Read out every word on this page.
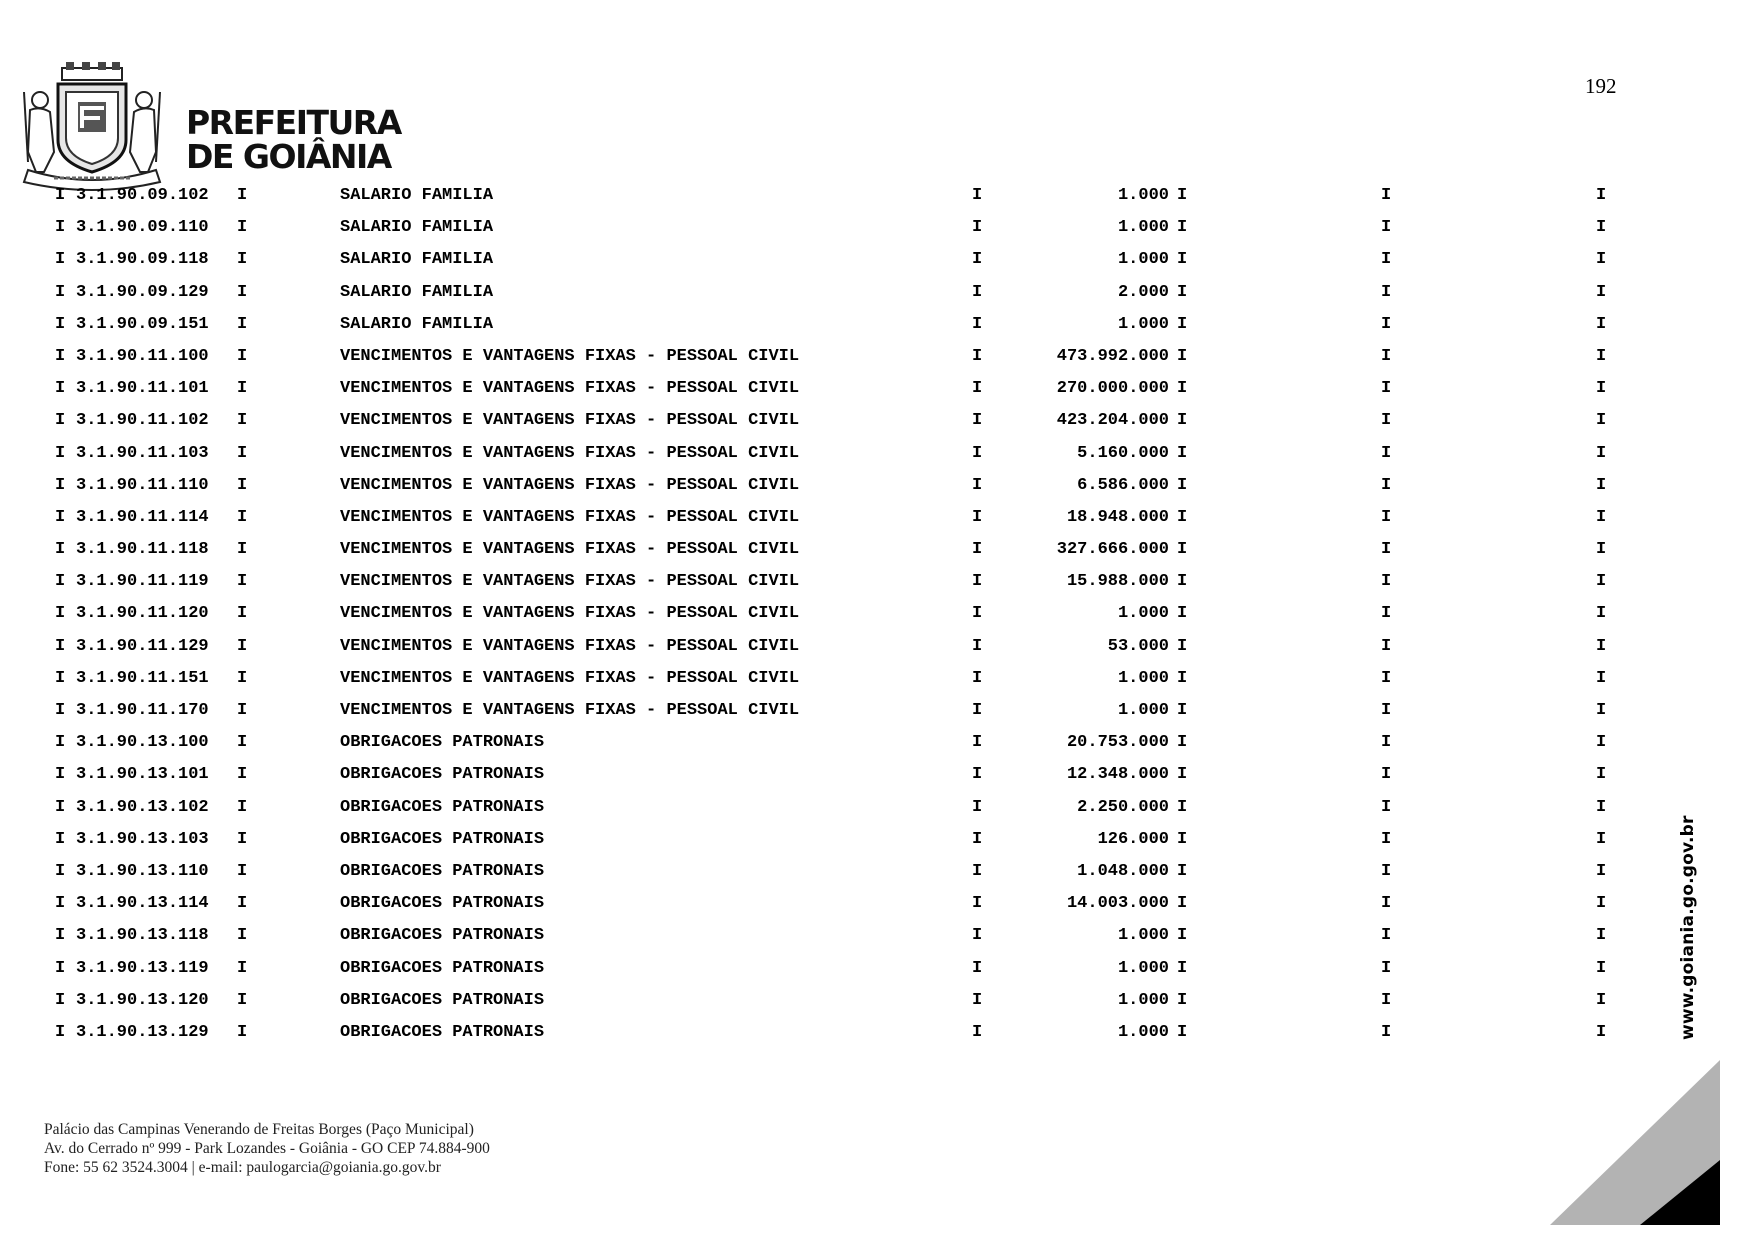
192
PREFEITURA
DE GOIÂNIA
I 3.1.90.09.102 I	SALARIO FAMILIA	I	1.000 I	I	I
I 3.1.90.09.110 I	SALARIO FAMILIA	I	1.000 I	I	I
I 3.1.90.09.118 I	SALARIO FAMILIA	I	1.000 I	I	I
I 3.1.90.09.129 I	SALARIO FAMILIA	I	2.000 I	I	I
I 3.1.90.09.151 I	SALARIO FAMILIA	I	1.000 I	I	I
I 3.1.90.11.100 I	VENCIMENTOS E VANTAGENS FIXAS - PESSOAL CIVIL	I	473.992.000 I	I	I
I 3.1.90.11.101 I	VENCIMENTOS E VANTAGENS FIXAS - PESSOAL CIVIL	I	270.000.000 I	I	I
I 3.1.90.11.102 I	VENCIMENTOS E VANTAGENS FIXAS - PESSOAL CIVIL	I	423.204.000 I	I	I
I 3.1.90.11.103 I	VENCIMENTOS E VANTAGENS FIXAS - PESSOAL CIVIL	I	5.160.000 I	I	I
I 3.1.90.11.110 I	VENCIMENTOS E VANTAGENS FIXAS - PESSOAL CIVIL	I	6.586.000 I	I	I
I 3.1.90.11.114 I	VENCIMENTOS E VANTAGENS FIXAS - PESSOAL CIVIL	I	18.948.000 I	I	I
I 3.1.90.11.118 I	VENCIMENTOS E VANTAGENS FIXAS - PESSOAL CIVIL	I	327.666.000 I	I	I
I 3.1.90.11.119 I	VENCIMENTOS E VANTAGENS FIXAS - PESSOAL CIVIL	I	15.988.000 I	I	I
I 3.1.90.11.120 I	VENCIMENTOS E VANTAGENS FIXAS - PESSOAL CIVIL	I	1.000 I	I	I
I 3.1.90.11.129 I	VENCIMENTOS E VANTAGENS FIXAS - PESSOAL CIVIL	I	53.000 I	I	I
I 3.1.90.11.151 I	VENCIMENTOS E VANTAGENS FIXAS - PESSOAL CIVIL	I	1.000 I	I	I
I 3.1.90.11.170 I	VENCIMENTOS E VANTAGENS FIXAS - PESSOAL CIVIL	I	1.000 I	I	I
I 3.1.90.13.100 I	OBRIGACOES PATRONAIS	I	20.753.000 I	I	I
I 3.1.90.13.101 I	OBRIGACOES PATRONAIS	I	12.348.000 I	I	I
I 3.1.90.13.102 I	OBRIGACOES PATRONAIS	I	2.250.000 I	I	I
I 3.1.90.13.103 I	OBRIGACOES PATRONAIS	I	126.000 I	I	I
I 3.1.90.13.110 I	OBRIGACOES PATRONAIS	I	1.048.000 I	I	I
I 3.1.90.13.114 I	OBRIGACOES PATRONAIS	I	14.003.000 I	I	I
I 3.1.90.13.118 I	OBRIGACOES PATRONAIS	I	1.000 I	I	I
I 3.1.90.13.119 I	OBRIGACOES PATRONAIS	I	1.000 I	I	I
I 3.1.90.13.120 I	OBRIGACOES PATRONAIS	I	1.000 I	I	I
I 3.1.90.13.129 I	OBRIGACOES PATRONAIS	I	1.000 I	I	I	www.goiania.go.gov.br
Palácio das Campinas Venerando de Freitas Borges (Paço Municipal)
Av. do Cerrado nº 999 - Park Lozandes - Goiânia - GO CEP 74.884-900
Fone: 55 62 3524.3004 | e-mail: paulogarcia@goiania.go.gov.br
